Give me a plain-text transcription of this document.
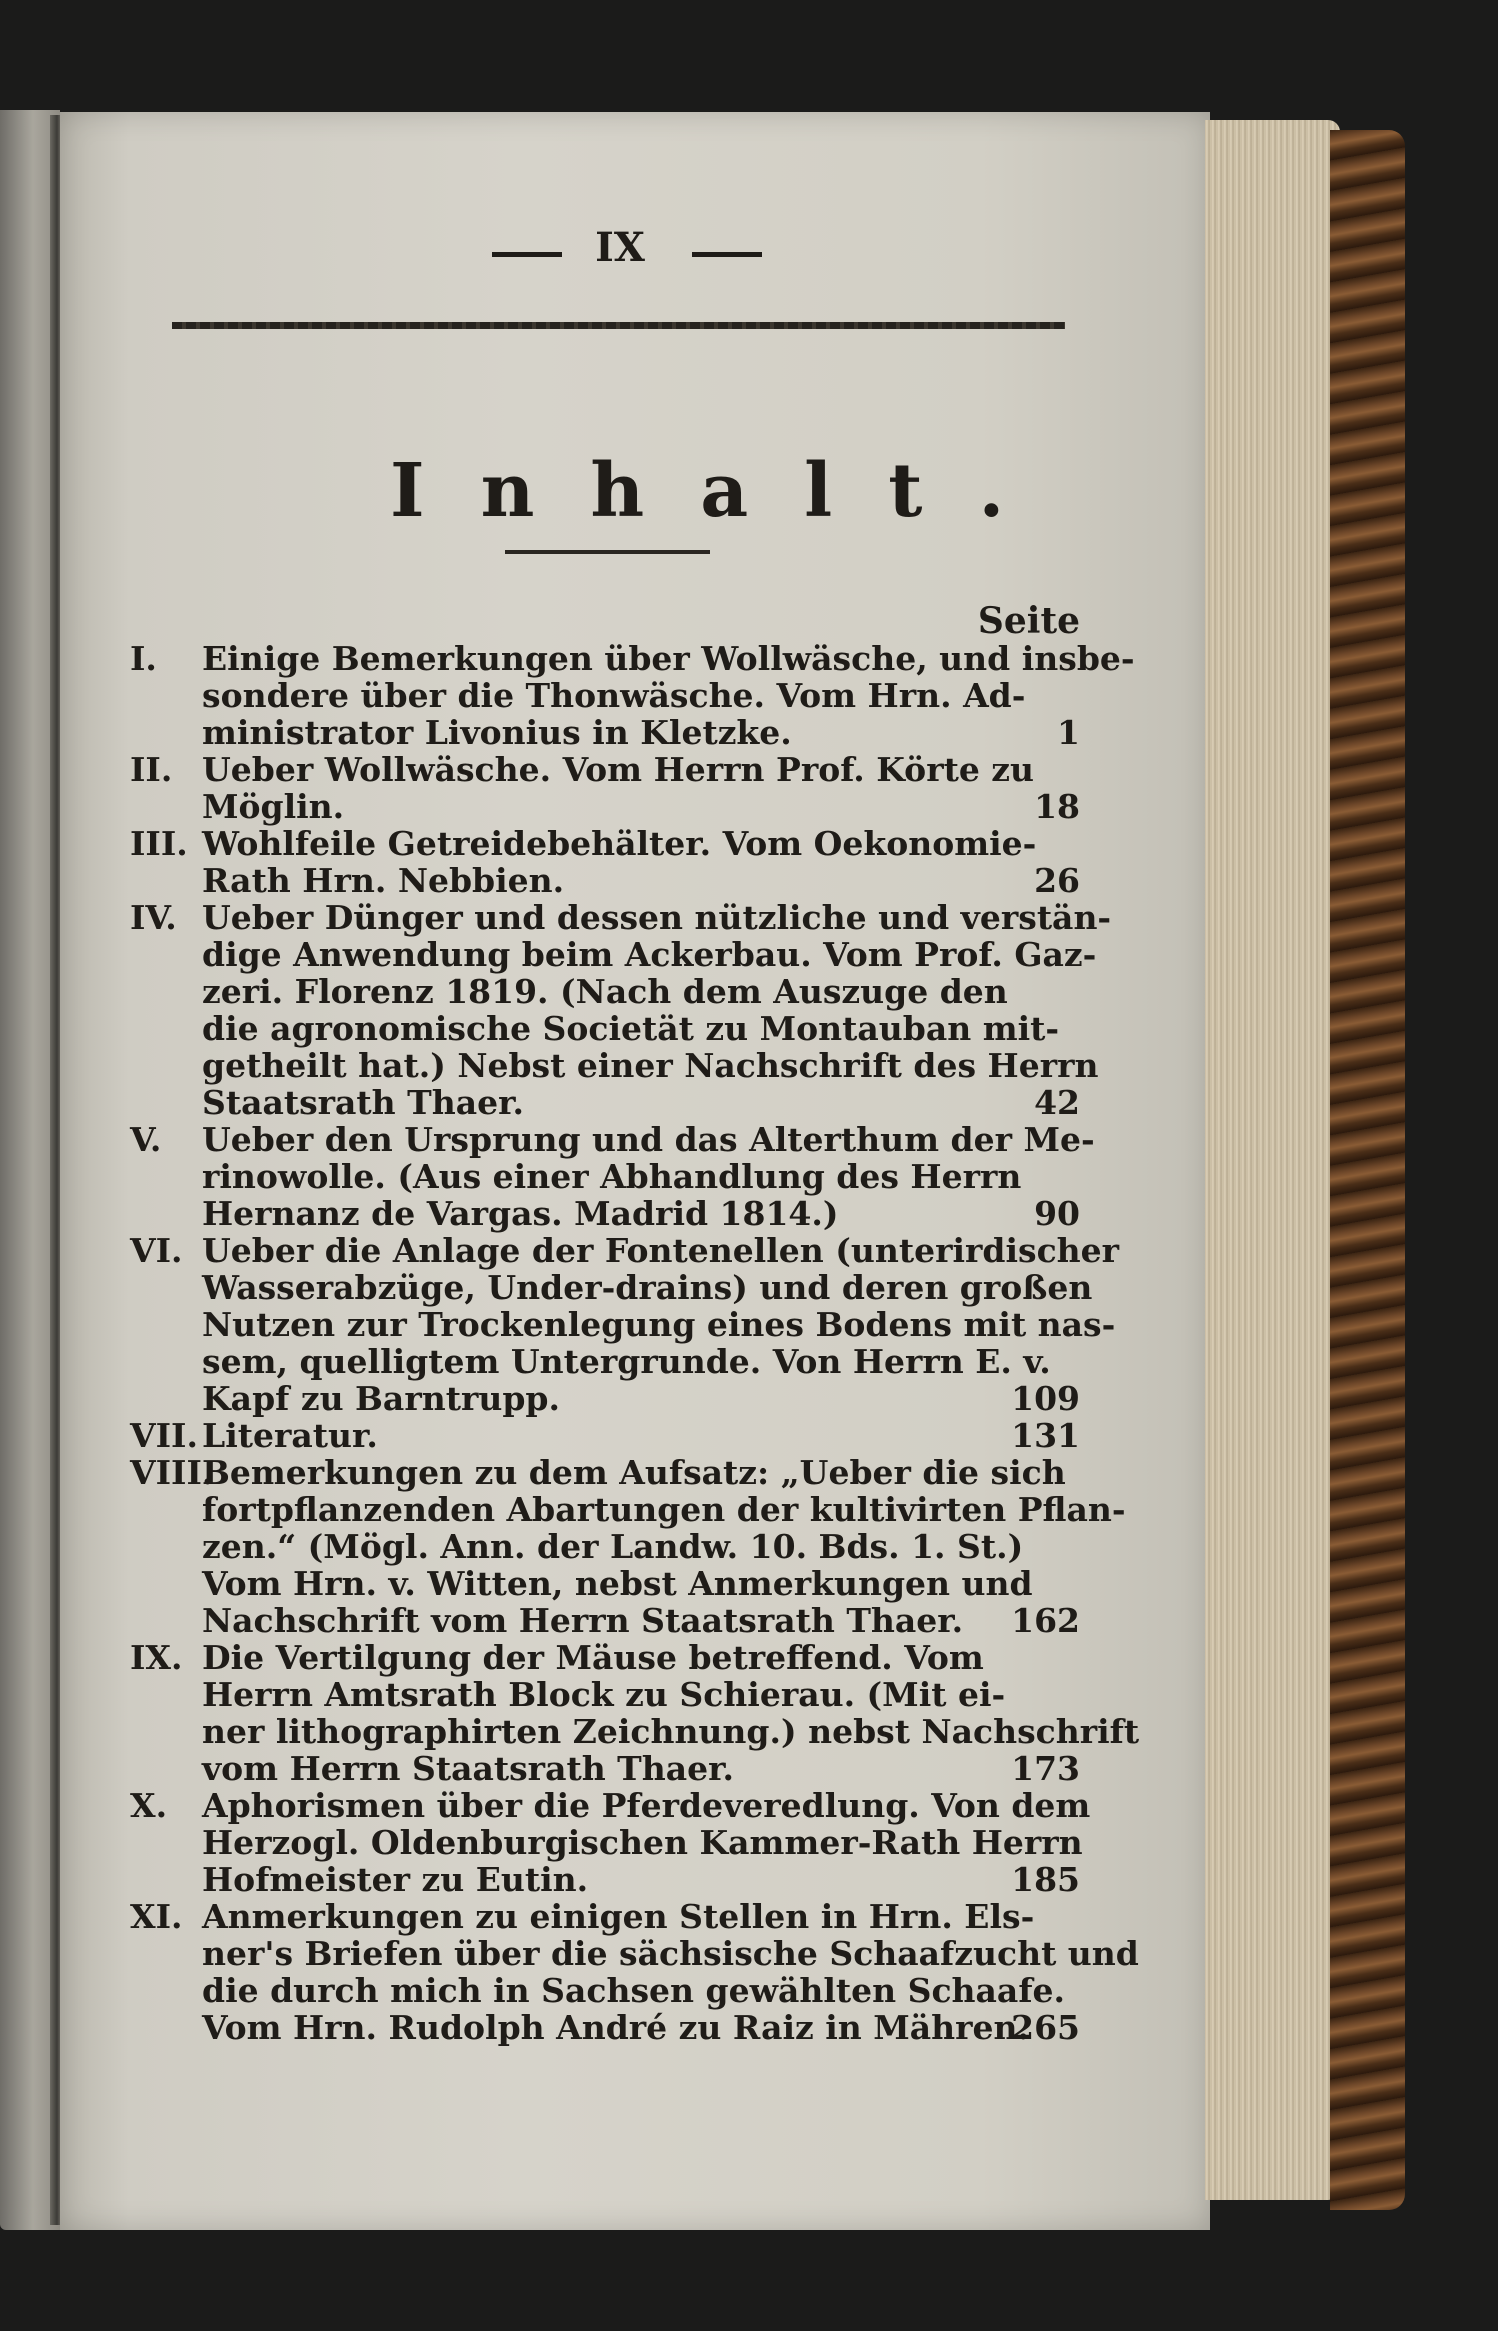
IX
Inhalt.
Seite
I.	Einige Bemerkungen über Wollwäsche, und insbe-
sondere über die Thonwäsche. Vom Hrn. Ad-
ministrator Livonius in Kletzke.	1
II. Ueber Wollwäsche. Vom Herrn Prof. Körte zu
Möglin.	18
III. Wohlfeile Getreidebehälter. Vom Oekonomie-
Rath Hrn. Nebbien.	26
IV. Ueber Dünger und dessen nützliche und verstän-
dige Anwendung beim Ackerbau. Vom Prof. Gaz-
zeri. Florenz 1819. (Nach dem Auszuge den
die agronomische Societät zu Montauban mit-
getheilt hat.) Nebst einer Nachschrift des Herrn
Staatsrath Thaer.	42
V.	Ueber den Ursprung und das Alterthum der Me-
rinowolle. (Aus einer Abhandlung des Herrn
Hernanz de Vargas. Madrid 1814.)	90
VI. Ueber die Anlage der Fontenellen (unterirdischer
Wasserabzüge, Under-drains) und deren großen
Nutzen zur Trockenlegung eines Bodens mit nas-
sem, quelligtem Untergrunde. Von Herrn E. v.
Kapf zu Barntrupp.	109
VII. Literatur.	131
VIII.
Bemerkungen zu dem Aufsatz: „Ueber die sich
fortpflanzenden Abartungen der kultivirten Pflan-
zen.“ (Mögl. Ann. der Landw. 10. Bds. 1. St.)
Vom Hrn. v. Witten, nebst Anmerkungen und
Nachschrift vom Herrn Staatsrath Thaer.	162
IX. Die Vertilgung der Mäuse betreffend. Vom
Herrn Amtsrath Block zu Schierau. (Mit ei-
ner lithographirten Zeichnung.) nebst Nachschrift
vom Herrn Staatsrath Thaer.	173
X.	Aphorismen über die Pferdeveredlung. Von dem
Herzogl. Oldenburgischen Kammer-Rath Herrn
Hofmeister zu Eutin.	185
XI. Anmerkungen zu einigen Stellen in Hrn. Els-
ner's Briefen über die sächsische Schaafzucht und
die durch mich in Sachsen gewählten Schaafe.
Vom Hrn. Rudolph André zu Raiz in Mähren.
265
